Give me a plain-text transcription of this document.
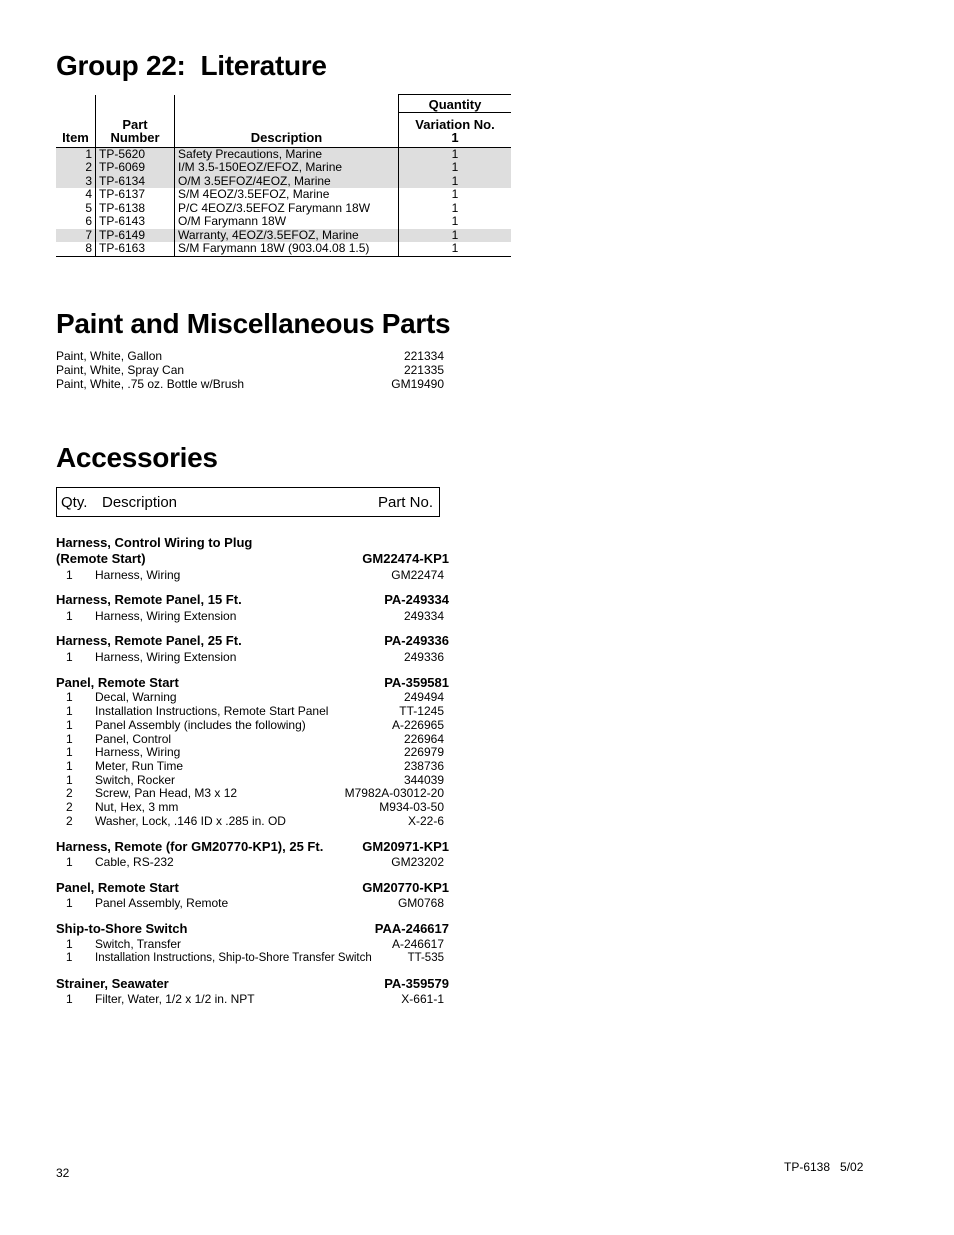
Group 22:  Literature
			Quantity
	Part		Variation No.
Item	Number	Description	1
1	TP-5620	Safety Precautions, Marine	1
2	TP-6069	I/M 3.5-150EOZ/EFOZ, Marine	1
3	TP-6134	O/M 3.5EFOZ/4EOZ, Marine	1
4	TP-6137	S/M 4EOZ/3.5EFOZ, Marine	1
5	TP-6138	P/C 4EOZ/3.5EFOZ Farymann 18W	1
6	TP-6143	O/M Farymann 18W	1
7	TP-6149	Warranty, 4EOZ/3.5EFOZ, Marine	1
8	TP-6163	S/M Farymann 18W (903.04.08 1.5)	1
Paint and Miscellaneous Parts
Paint, White, Gallon	221334
Paint, White, Spray Can	221335
Paint, White, .75 oz. Bottle w/Brush	GM19490
Accessories
Qty. Description	Part No.
Harness, Control Wiring to Plug
(Remote Start)	GM22474-KP1
1 Harness, Wiring	GM22474
Harness, Remote Panel, 15 Ft.	PA-249334
1 Harness, Wiring Extension	249334
Harness, Remote Panel, 25 Ft.	PA-249336
1 Harness, Wiring Extension	249336
Panel, Remote Start	PA-359581
1 Decal, Warning	249494
1 Installation Instructions, Remote Start Panel	TT-1245
1 Panel Assembly (includes the following)	A-226965
1 Panel, Control	226964
1 Harness, Wiring	226979
1 Meter, Run Time	238736
1 Switch, Rocker	344039
2 Screw, Pan Head, M3 x 12	M7982A-03012-20
2 Nut, Hex, 3 mm	M934-03-50
2 Washer, Lock, .146 ID x .285 in. OD	X-22-6
Harness, Remote (for GM20770-KP1), 25 Ft.	GM20971-KP1
1 Cable, RS-232	GM23202
Panel, Remote Start	GM20770-KP1
1 Panel Assembly, Remote	GM0768
Ship-to-Shore Switch	PAA-246617
1 Switch, Transfer	A-246617
1 Installation Instructions, Ship-to-Shore Transfer Switch	TT-535
Strainer, Seawater	PA-359579
1 Filter, Water, 1/2 x 1/2 in. NPT	X-661-1
32	TP-6138   5/02
